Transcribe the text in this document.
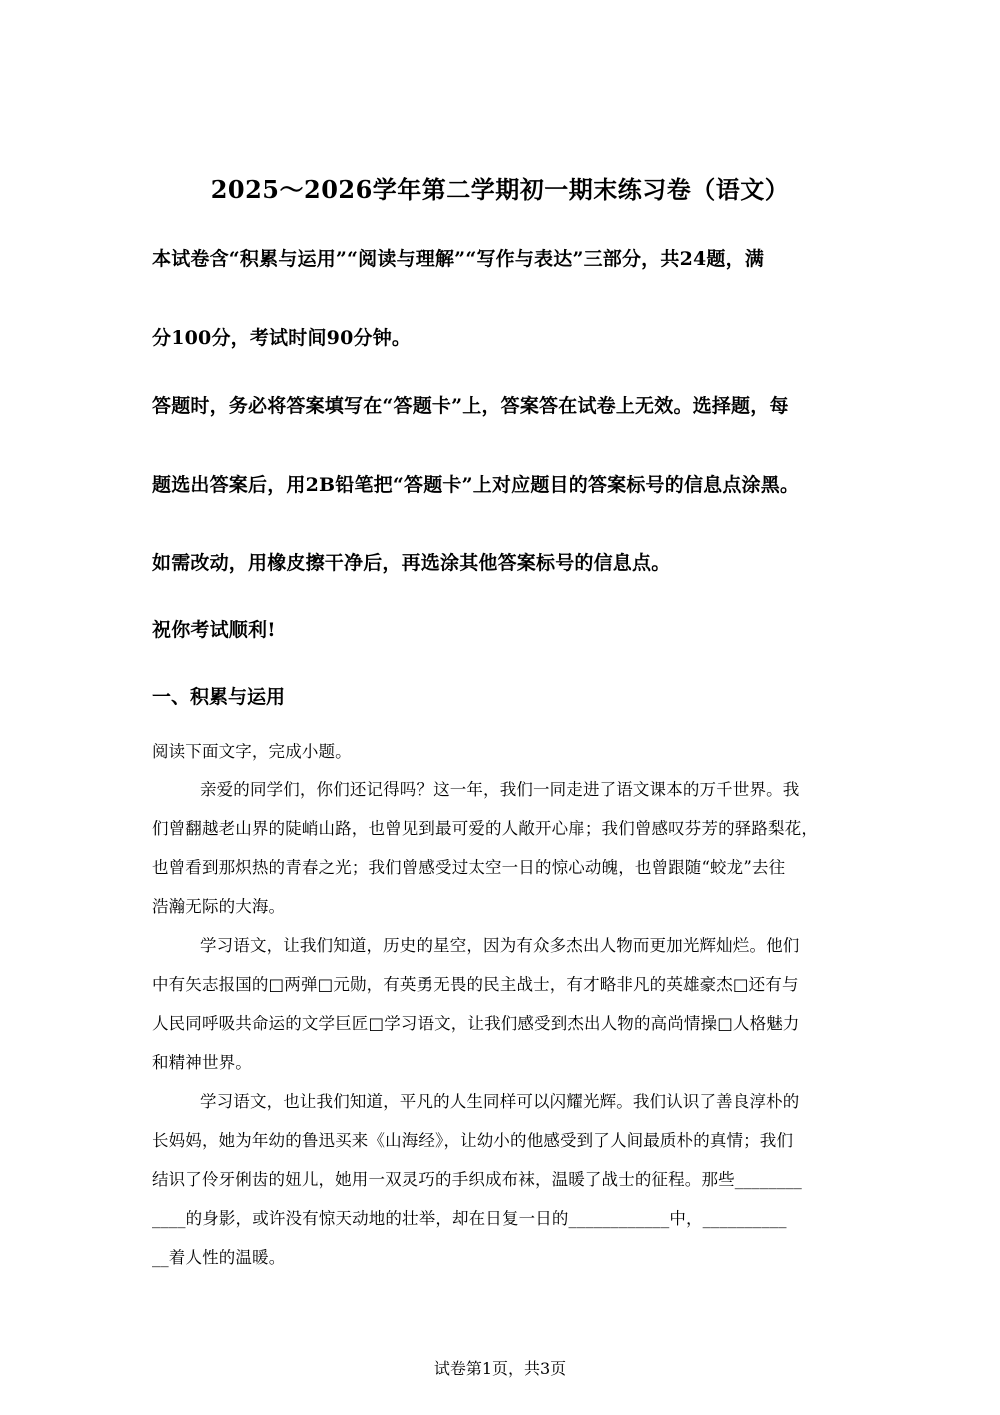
2025～2026学年第二学期初一期末练习卷（语文）
本试卷含“积累与运用”“阅读与理解”“写作与表达”三部分，共24题，满
分100分，考试时间90分钟。
答题时，务必将答案填写在“答题卡”上，答案答在试卷上无效。选择题，每
题选出答案后，用2B铅笔把“答题卡”上对应题目的答案标号的信息点涂黑。
如需改动，用橡皮擦干净后，再选涂其他答案标号的信息点。
祝你考试顺利!
一、积累与运用
阅读下面文字，完成小题。
亲爱的同学们，你们还记得吗？这一年，我们一同走进了语文课本的万千世界。我
们曾翻越老山界的陡峭山路，也曾见到最可爱的人敞开心扉；我们曾感叹芬芳的驿路梨花，
也曾看到那炽热的青春之光；我们曾感受过太空一日的惊心动魄，也曾跟随“蛟龙”去往
浩瀚无际的大海。
学习语文，让我们知道，历史的星空，因为有众多杰出人物而更加光辉灿烂。他们
中有矢志报国的□两弹□元勋，有英勇无畏的民主战士，有才略非凡的英雄豪杰□还有与
人民同呼吸共命运的文学巨匠□学习语文，让我们感受到杰出人物的高尚情操□人格魅力
和精神世界。
学习语文，也让我们知道，平凡的人生同样可以闪耀光辉。我们认识了善良淳朴的
长妈妈，她为年幼的鲁迅买来《山海经》，让幼小的他感受到了人间最质朴的真情；我们
结识了伶牙俐齿的妞儿，她用一双灵巧的手织成布袜，温暖了战士的征程。那些________
____的身影，或许没有惊天动地的壮举，却在日复一日的____________中，__________
__着人性的温暖。
试卷第1页，共3页
